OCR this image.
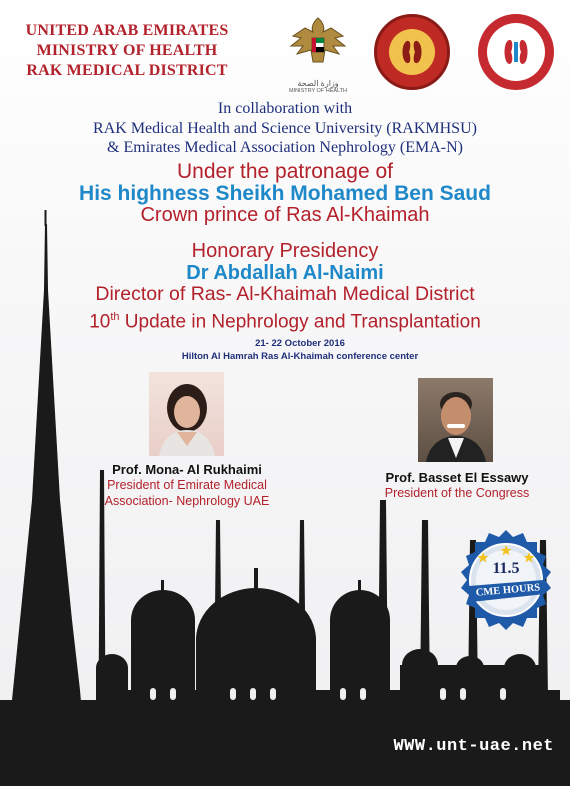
UNITED ARAB EMIRATES
MINISTRY OF HEALTH
RAK MEDICAL DISTRICT
وزارة الصحة
MINISTRY OF HEALTH
In collaboration with
RAK Medical Health and Science University (RAKMHSU)
& Emirates Medical Association Nephrology (EMA-N)
Under the patronage of
His highness Sheikh Mohamed Ben Saud
Crown prince of Ras Al-Khaimah
Honorary Presidency
Dr Abdallah Al-Naimi
Director of Ras- Al-Khaimah Medical District
10th Update in Nephrology and Transplantation
21- 22 October 2016
Hilton Al Hamrah Ras Al-Khaimah conference center
Prof. Mona- Al Rukhaimi
President of Emirate Medical
Association- Nephrology UAE
Prof. Basset El Essawy
President of the Congress
11.5
CME HOURS
WWW.unt-uae.net
